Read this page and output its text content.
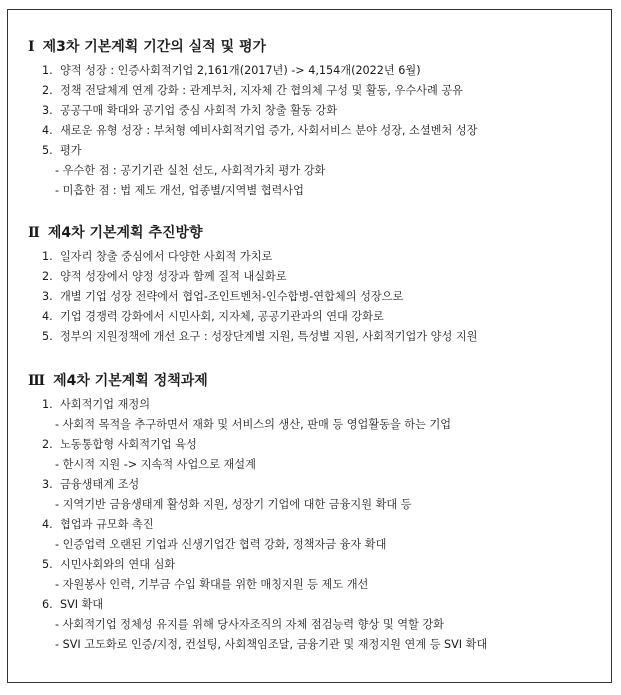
Ⅰ 제3차 기본계획 기간의 실적 및 평가
1. 양적 성장 : 인증사회적기업 2,161개(2017년) -> 4,154개(2022년 6월)
2. 정책 전달체계 연계 강화 : 관계부처, 지자체 간 협의체 구성 및 활동, 우수사례 공유
3. 공공구매 확대와 공기업 중심 사회적 가치 창출 활동 강화
4. 새로운 유형 성장 : 부처형 예비사회적기업 증가, 사회서비스 분야 성장, 소셜벤처 성장
5. 평가
- 우수한 점 : 공기기관 실천 선도, 사회적가치 평가 강화
- 미흡한 점 : 법 제도 개선, 업종별/지역별 협력사업
Ⅱ 제4차 기본계획 추진방향
1. 일자리 창출 중심에서 다양한 사회적 가치로
2. 양적 성장에서 양정 성장과 함께 질적 내실화로
3. 개별 기업 성장 전략에서 협업-조인트벤처-인수합병-연합체의 성장으로
4. 기업 경쟁력 강화에서 시민사회, 지자체, 공공기관과의 연대 강화로
5. 정부의 지원정책에 개선 요구 : 성장단계별 지원, 특성별 지원, 사회적기업가 양성 지원
Ⅲ 제4차 기본계획 정책과제
1. 사회적기업 재정의
- 사회적 목적을 추구하면서 재화 및 서비스의 생산, 판매 등 영업활동을 하는 기업
2. 노동통합형 사회적기업 육성
- 한시적 지원 -> 지속적 사업으로 재설계
3. 금융생태계 조성
- 지역기반 금융생태계 활성화 지원, 성장기 기업에 대한 금융지원 확대 등
4. 협업과 규모화 촉진
- 인증업력 오랜된 기업과 신생기업간 협력 강화, 정책자금 융자 확대
5. 시민사회와의 연대 심화
- 자원봉사 인력, 기부금 수입 확대를 위한 매칭지원 등 제도 개선
6. SVI 확대
- 사회적기업 정체성 유지를 위해 당사자조직의 자체 점검능력 향상 및 역할 강화
- SVI 고도화로 인증/지정, 컨설팅, 사회책임조달, 금융기관 및 재정지원 연계 등 SVI 확대
